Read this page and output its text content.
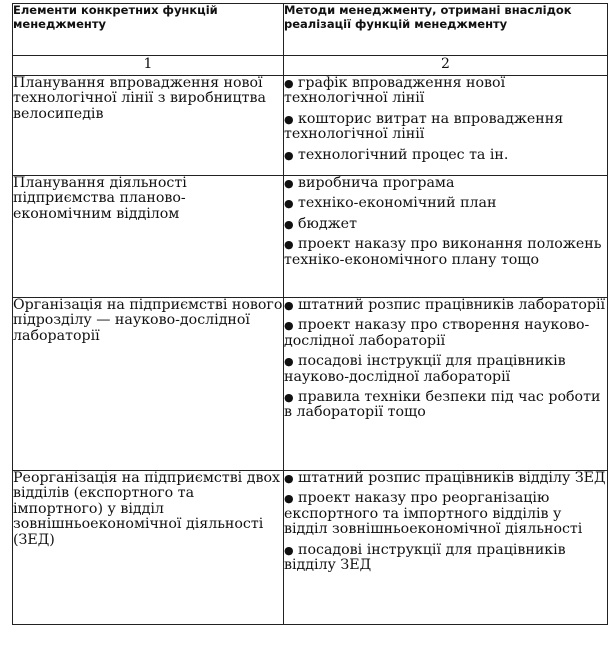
Елементи конкретних функцій менеджменту	Методи менеджменту, отримані внаслідок реалізації функцій менеджменту
1	2
Планування впровадження нової технологічної лінії з виробництва велосипедів	● графік впровадження нової технологічної лінії
● кошторис витрат на впровадження технологічної лінії
● технологічний процес та ін.

Планування діяльності підприємства планово-економічним відділом	● виробнича програма
● техніко-економічний план
● бюджет
● проект наказу про виконання положень техніко-економічного плану тощо

Організація на підприємстві нового підрозділу — науково-дослідної лабораторії	● штатний розпис працівників лабораторії
● проект наказу про створення науково-дослідної лабораторії
● посадові інструкції для працівників науково-дослідної лабораторії
● правила техніки безпеки під час роботи в лабораторії тощо

Реорганізація на підприємстві двох відділів (експортного та імпортного) у відділ зовнішньоекономічної діяльності (ЗЕД)	● штатний розпис працівників відділу ЗЕД
● проект наказу про реорганізацію експортного та імпортного відділів у відділ зовнішньоекономічної діяльності
● посадові інструкції для працівників відділу ЗЕД
